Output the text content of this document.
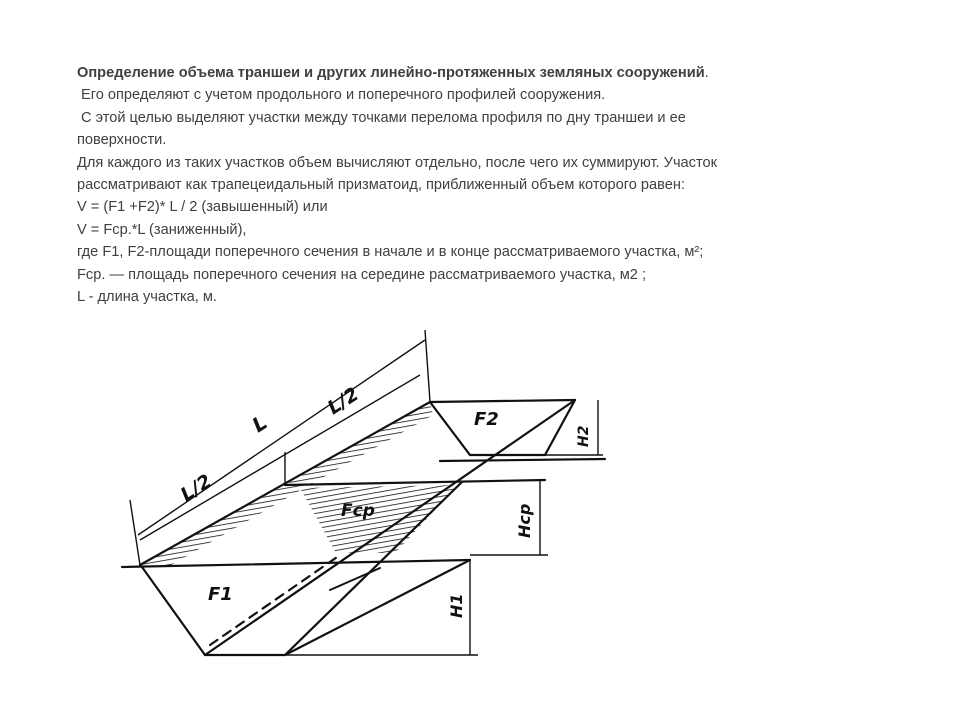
Определение объема траншеи и других линейно-протяженных земляных сооружений.

Его определяют с учетом продольного и поперечного профилей сооружения.

С этой целью выделяют участки между точками перелома профиля по дну траншеи и ее

поверхности.

Для каждого из таких участков объем вычисляют отдельно, после чего их суммируют. Участок

рассматривают как трапецеидальный призматоид, приближенный объем которого равен:

V = (F1 +F2)* L / 2 (завышенный) или

V = Fср.*L (заниженный),

где F1, F2-площади поперечного сечения в начале и в конце рассматриваемого участка, м²;

Fср. — площадь поперечного сечения на середине рассматриваемого участка, м2 ;

L - длина участка, м.

L
L/2
L/2
F1
F2
Fср
H1
Hср
H2
